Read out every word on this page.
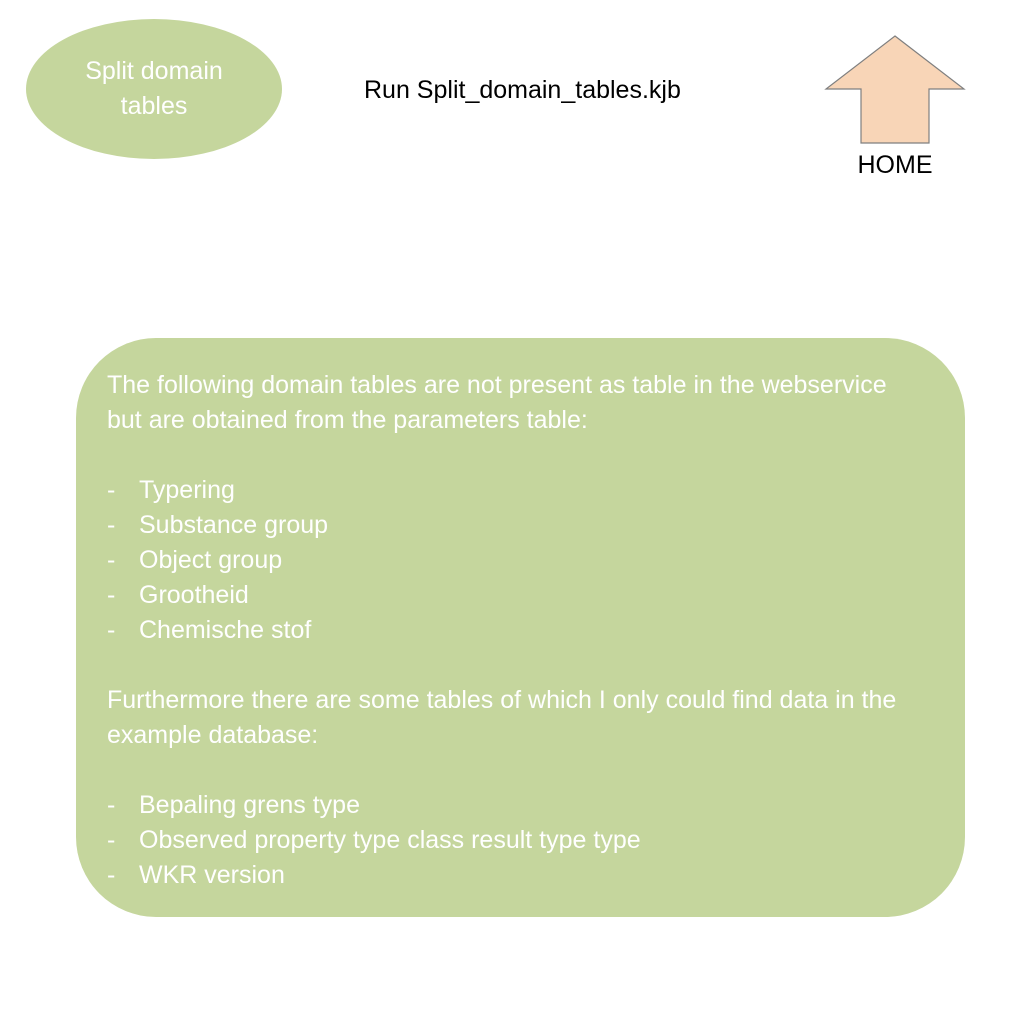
Split domain
tables
Run Split_domain_tables.kjb
HOME

The following domain tables are not present as table in the webservice but are obtained from the parameters table:

- Typering
- Substance group
- Object group
- Grootheid
- Chemische stof

Furthermore there are some tables of which I only could find data in the example database:

- Bepaling grens type
- Observed property type class result type type
- WKR version
